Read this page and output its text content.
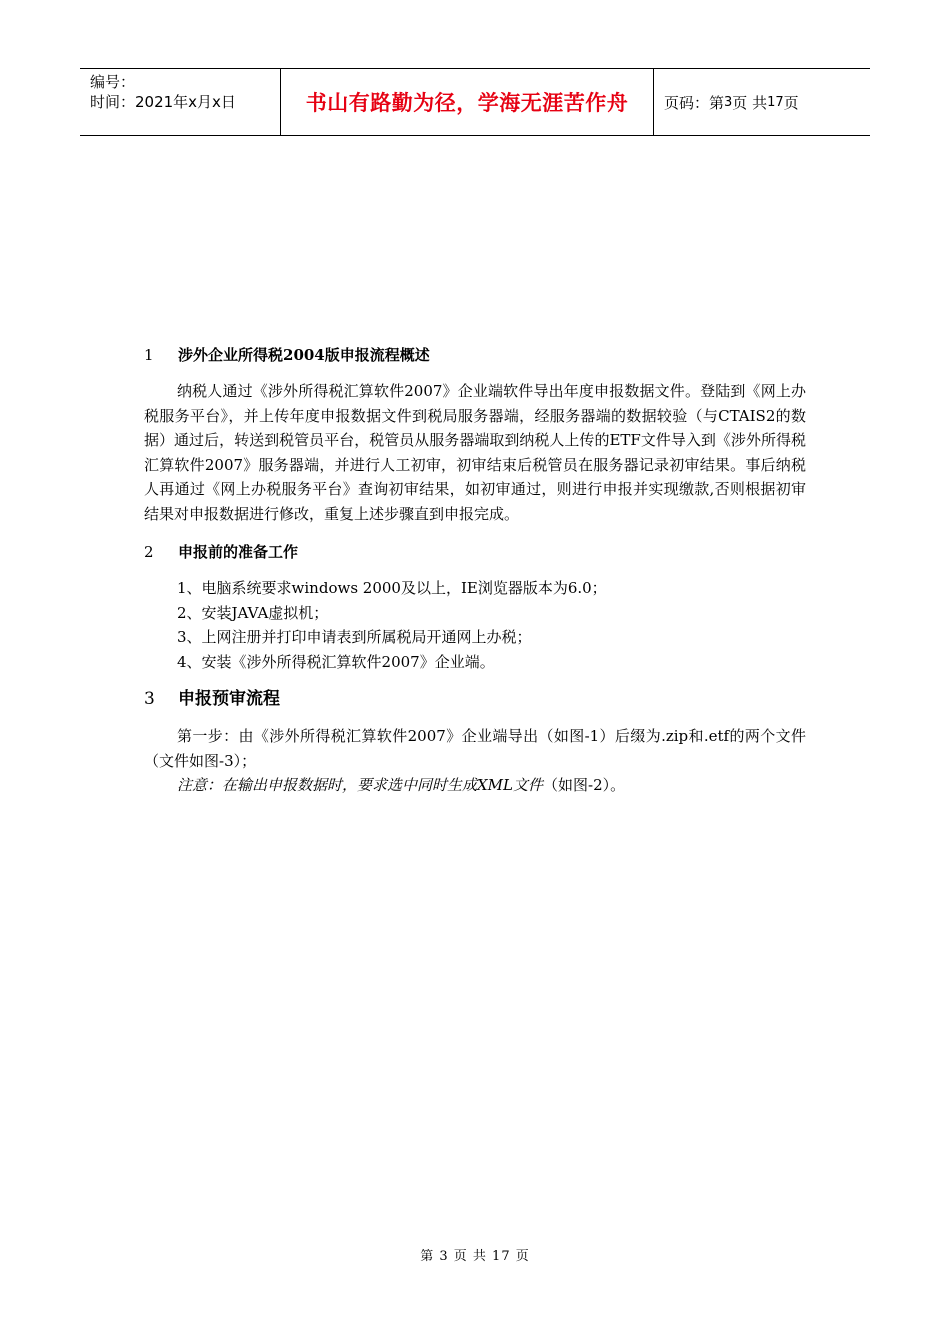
编号：
时间：2021年x月x日	书山有路勤为径，学海无涯苦作舟	页码：第 3 页 共 17 页
1	涉外企业所得税2004版申报流程概述

纳税人通过《涉外所得税汇算软件2007》企业端软件导出年度申报数据文件。登陆到《网上办税服务平台》，并上传年度申报数据文件到税局服务器端，经服务器端的数据较验（与CTAIS2的数据）通过后，转送到税管员平台，税管员从服务器端取到纳税人上传的ETF文件导入到《涉外所得税汇算软件2007》服务器端，并进行人工初审，初审结束后税管员在服务器记录初审结果。事后纳税人再通过《网上办税服务平台》查询初审结果，如初审通过，则进行申报并实现缴款,否则根据初审结果对申报数据进行修改，重复上述步骤直到申报完成。

2	申报前的准备工作

1、电脑系统要求windows 2000及以上，IE浏览器版本为6.0；

2、安装JAVA虚拟机；

3、上网注册并打印申请表到所属税局开通网上办税；

4、安装《涉外所得税汇算软件2007》企业端。

3	申报预审流程

第一步：由《涉外所得税汇算软件2007》企业端导出（如图-1）后缀为.zip和.etf的两个文件（文件如图-3）；

注意：在输出申报数据时，要求选中同时生成XML文件（如图-2）。

第 3 页 共 17 页
